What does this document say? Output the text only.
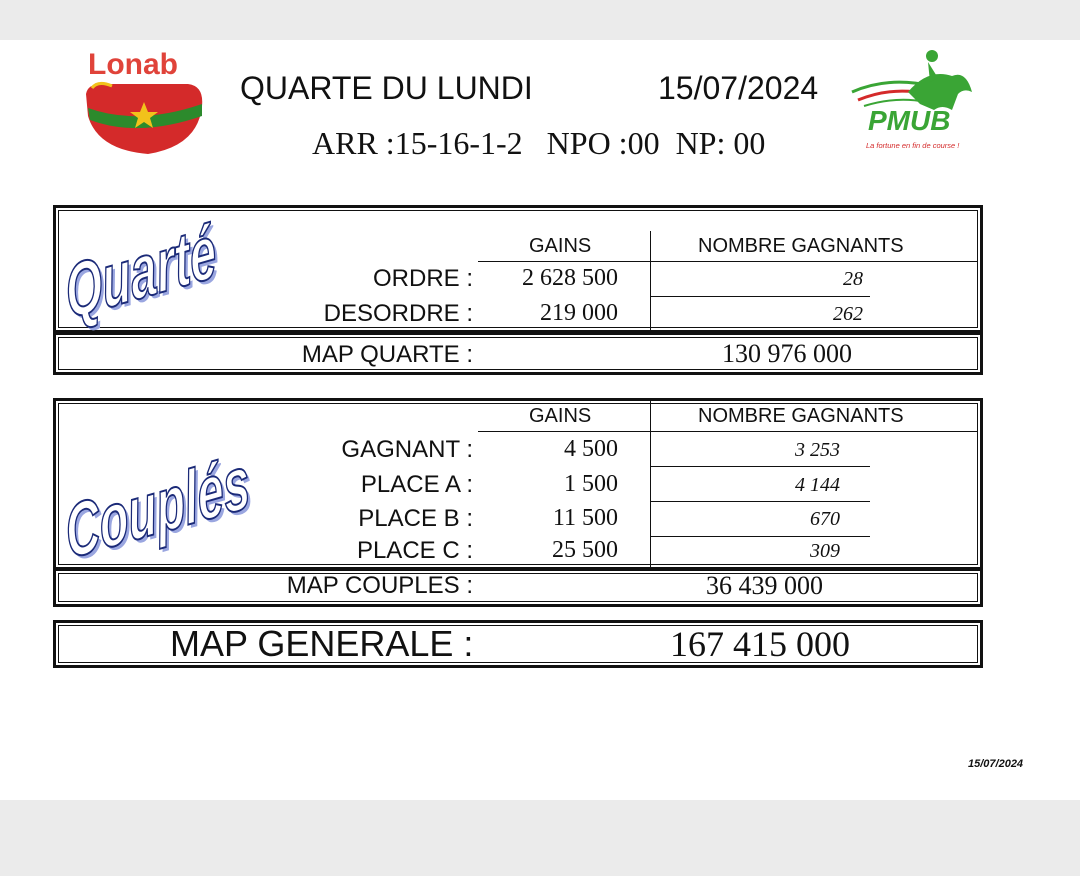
Lonab
QUARTE DU LUNDI	15/07/2024
ARR :15-16-1-2   NPO :00  NP: 00
PMUB
La fortune en fin de course !
Quarté	GAINS	NOMBRE GAGNANTS
ORDRE :	2 628 500	28
DESORDRE :	219 000	262
MAP QUARTE :	130 976 000
Couplés
GAINS	NOMBRE GAGNANTS
GAGNANT :	4 500	3 253
PLACE A :	1 500	4 144
PLACE B :	11 500	670
PLACE C :	25 500	309
MAP COUPLES :	36 439 000
MAP GENERALE :	167 415 000
15/07/2024
